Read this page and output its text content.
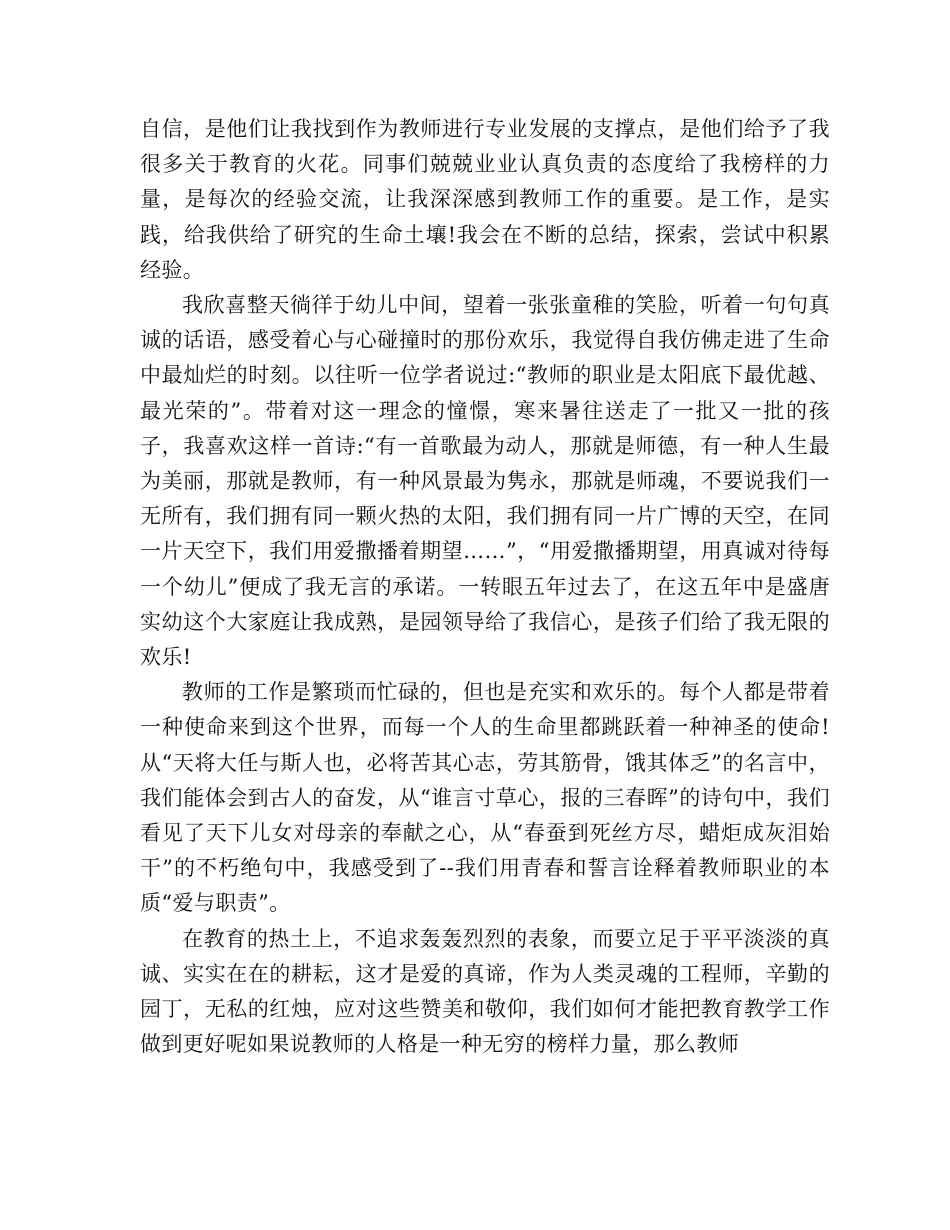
自信，是他们让我找到作为教师进行专业发展的支撑点，是他们给予了我很多关于教育的火花。同事们兢兢业业认真负责的态度给了我榜样的力量，是每次的经验交流，让我深深感到教师工作的重要。是工作，是实践，给我供给了研究的生命土壤!我会在不断的总结，探索，尝试中积累经验。

我欣喜整天徜徉于幼儿中间，望着一张张童稚的笑脸，听着一句句真诚的话语，感受着心与心碰撞时的那份欢乐，我觉得自我仿佛走进了生命中最灿烂的时刻。以往听一位学者说过:“教师的职业是太阳底下最优越、最光荣的”。带着对这一理念的憧憬，寒来暑往送走了一批又一批的孩子，我喜欢这样一首诗:“有一首歌最为动人，那就是师德，有一种人生最为美丽，那就是教师，有一种风景最为隽永，那就是师魂，不要说我们一无所有，我们拥有同一颗火热的太阳，我们拥有同一片广博的天空，在同一片天空下，我们用爱撒播着期望……”，“用爱撒播期望，用真诚对待每一个幼儿”便成了我无言的承诺。一转眼五年过去了，在这五年中是盛唐实幼这个大家庭让我成熟，是园领导给了我信心，是孩子们给了我无限的欢乐!

教师的工作是繁琐而忙碌的，但也是充实和欢乐的。每个人都是带着一种使命来到这个世界，而每一个人的生命里都跳跃着一种神圣的使命!从“天将大任与斯人也，必将苦其心志，劳其筋骨，饿其体乏”的名言中，我们能体会到古人的奋发，从“谁言寸草心，报的三春晖”的诗句中，我们看见了天下儿女对母亲的奉献之心，从“春蚕到死丝方尽，蜡炬成灰泪始干”的不朽绝句中，我感受到了--我们用青春和誓言诠释着教师职业的本质“爱与职责”。

在教育的热土上，不追求轰轰烈烈的表象，而要立足于平平淡淡的真诚、实实在在的耕耘，这才是爱的真谛，作为人类灵魂的工程师，辛勤的园丁，无私的红烛，应对这些赞美和敬仰，我们如何才能把教育教学工作做到更好呢如果说教师的人格是一种无穷的榜样力量，那么教师
